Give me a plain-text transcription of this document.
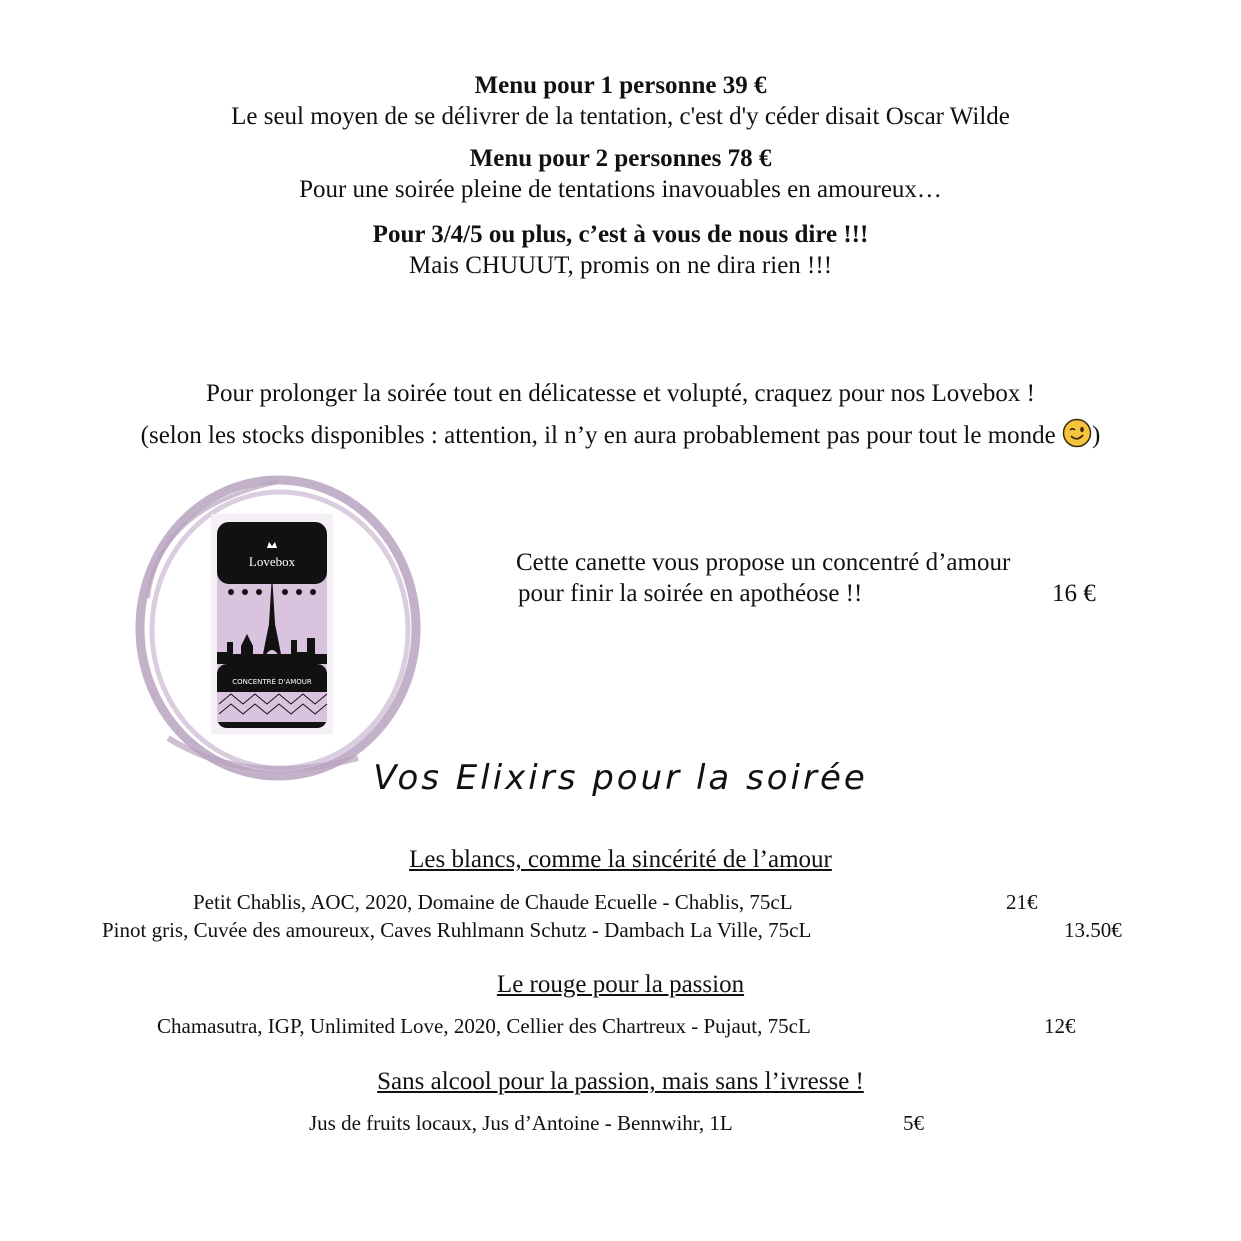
Menu pour 1 personne 39 €
Le seul moyen de se délivrer de la tentation, c'est d'y céder disait Oscar Wilde
Menu pour 2 personnes 78 €
Pour une soirée pleine de tentations inavouables en amoureux…
Pour 3/4/5 ou plus, c’est à vous de nous dire !!!
Mais CHUUUT, promis on ne dira rien !!!
Pour prolonger la soirée tout en délicatesse et volupté, craquez pour nos Lovebox !
(selon les stocks disponibles : attention, il n’y en aura probablement pas pour tout le monde )
Lovebox
CONCENTRÉ D'AMOUR
Cette canette vous propose un concentré d’amour
pour finir la soirée en apothéose !!	16 €
Vos Elixirs pour la soirée
Les blancs, comme la sincérité de l’amour
Petit Chablis, AOC, 2020, Domaine de Chaude Ecuelle - Chablis, 75cL	21€
Pinot gris, Cuvée des amoureux, Caves Ruhlmann Schutz - Dambach La Ville, 75cL	13.50€
Le rouge pour la passion
Chamasutra, IGP, Unlimited Love, 2020, Cellier des Chartreux - Pujaut, 75cL	12€
Sans alcool pour la passion, mais sans l’ivresse !
Jus de fruits locaux, Jus d’Antoine - Bennwihr, 1L	5€
